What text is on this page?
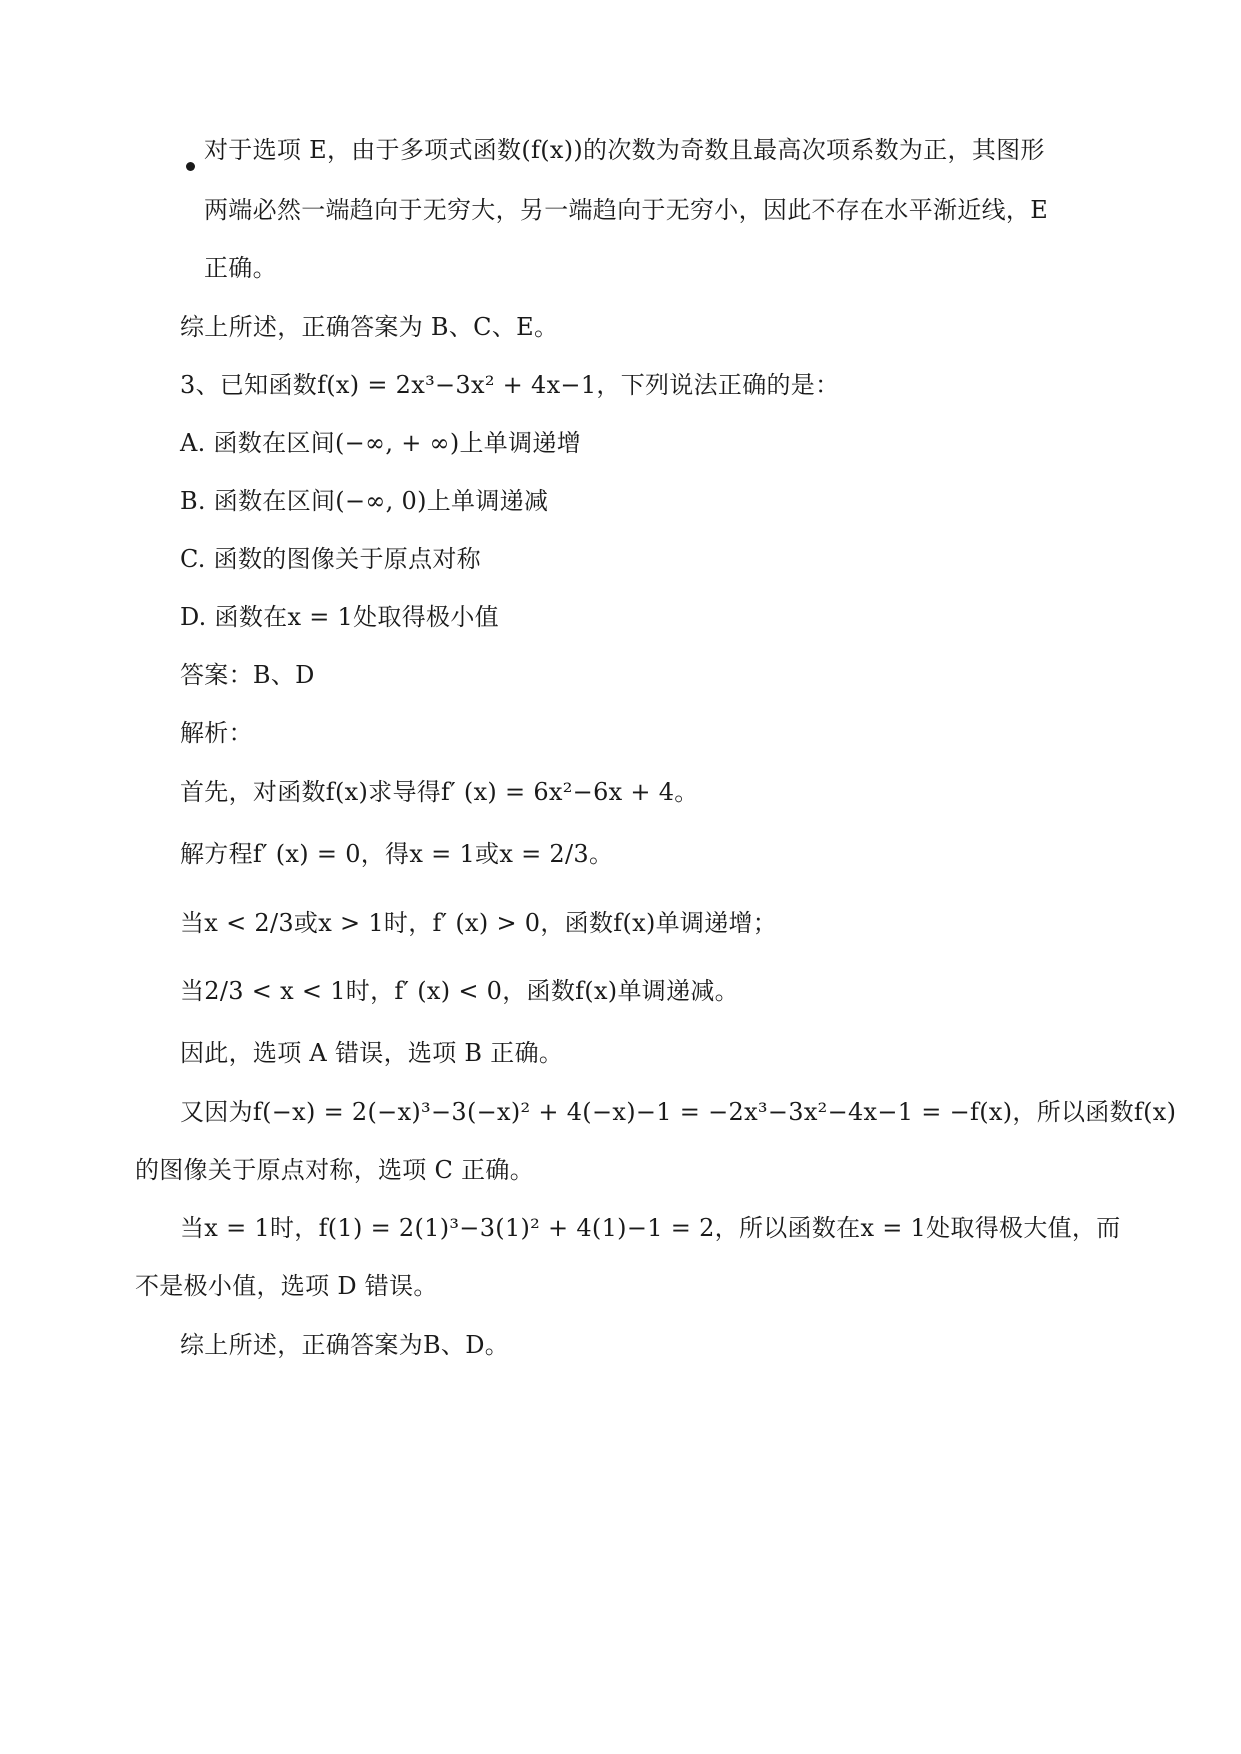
对于选项 E，由于多项式函数(f(x))的次数为奇数且最高次项系数为正，其图形
两端必然一端趋向于无穷大，另一端趋向于无穷小，因此不存在水平渐近线，E
正确。
综上所述，正确答案为 B、C、E。
3、已知函数f(x) = 2x³−3x² + 4x−1，下列说法正确的是：
A. 函数在区间(−∞, + ∞)上单调递增
B. 函数在区间(−∞, 0)上单调递减
C. 函数的图像关于原点对称
D. 函数在x = 1处取得极小值
答案：B、D
解析：
首先，对函数f(x)求导得f′ (x) = 6x²−6x + 4。
解方程f′ (x) = 0，得x = 1或x = 2/3。
当x < 2/3或x > 1时，f′ (x) > 0，函数f(x)单调递增；
当2/3 < x < 1时，f′ (x) < 0，函数f(x)单调递减。
因此，选项 A 错误，选项 B 正确。
又因为f(−x) = 2(−x)³−3(−x)² + 4(−x)−1 = −2x³−3x²−4x−1 = −f(x)，所以函数f(x)
的图像关于原点对称，选项 C 正确。
当x = 1时，f(1) = 2(1)³−3(1)² + 4(1)−1 = 2，所以函数在x = 1处取得极大值，而
不是极小值，选项 D 错误。
综上所述，正确答案为B、D。
